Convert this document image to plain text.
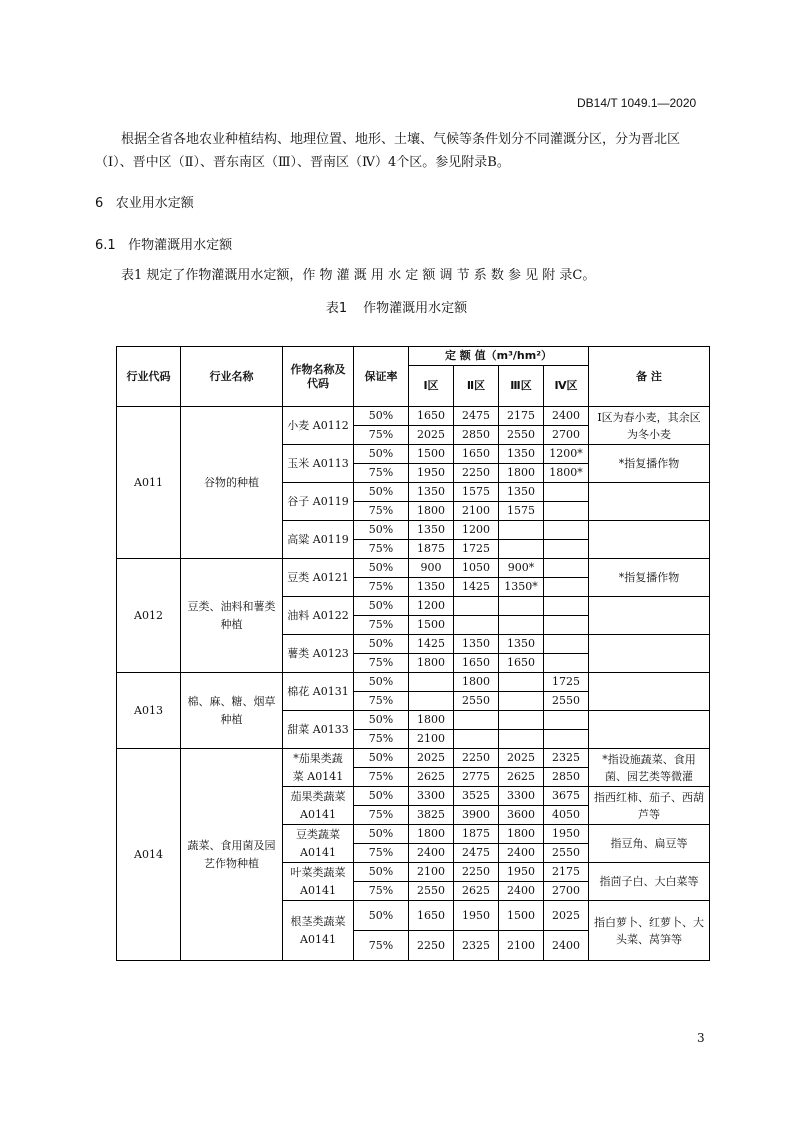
DB14/T 1049.1—2020
根据全省各地农业种植结构、地理位置、地形、土壤、气候等条件划分不同灌溉分区，分为晋北区（Ⅰ）、晋中区（Ⅱ）、晋东南区（Ⅲ）、晋南区（Ⅳ）4个区。参见附录B。
6 农业用水定额
6.1 作物灌溉用水定额
表1 规定了作物灌溉用水定额，作 物 灌 溉 用 水 定 额 调 节 系 数 参 见 附 录C。
表1 作物灌溉用水定额
行业代码	行业名称	作物名称及代码	保证率	定 额 值（m³/hm²）				备 注
				Ⅰ区	Ⅱ区	Ⅲ区	Ⅳ区	
A011	谷物的种植	小麦 A0112	50%	1650	2475	2175	2400	Ⅰ区为春小麦，其余区为冬小麦
			75%	2025	2850	2550	2700	
		玉米 A0113	50%	1500	1650	1350	1200*	*指复播作物
			75%	1950	2250	1800	1800*	
		谷子 A0119	50%	1350	1575	1350		
			75%	1800	2100	1575		
		高粱 A0119	50%	1350	1200			
			75%	1875	1725			
A012	豆类、油料和薯类种植	豆类 A0121	50%	900	1050	900*		*指复播作物
			75%	1350	1425	1350*		
		油料 A0122	50%	1200				
			75%	1500				
		薯类 A0123	50%	1425	1350	1350		
			75%	1800	1650	1650		
A013	棉、麻、糖、烟草种植	棉花 A0131	50%		1800		1725	
			75%		2550		2550	
		甜菜 A0133	50%	1800				
			75%	2100				
A014	蔬菜、食用菌及园艺作物种植	*茄果类蔬菜 A0141	50%	2025	2250	2025	2325	*指设施蔬菜、食用菌、园艺类等微灌
			75%	2625	2775	2625	2850	
		茄果类蔬菜 A0141	50%	3300	3525	3300	3675	指西红柿、茄子、西葫芦等
			75%	3825	3900	3600	4050	
		豆类蔬菜 A0141	50%	1800	1875	1800	1950	指豆角、扁豆等
			75%	2400	2475	2400	2550	
		叶菜类蔬菜 A0141	50%	2100	2250	1950	2175	指茴子白、大白菜等
			75%	2550	2625	2400	2700	
		根茎类蔬菜 A0141	50%	1650	1950	1500	2025	指白萝卜、红萝卜、大头菜、莴笋等
			75%	2250	2325	2100	2400	
3
